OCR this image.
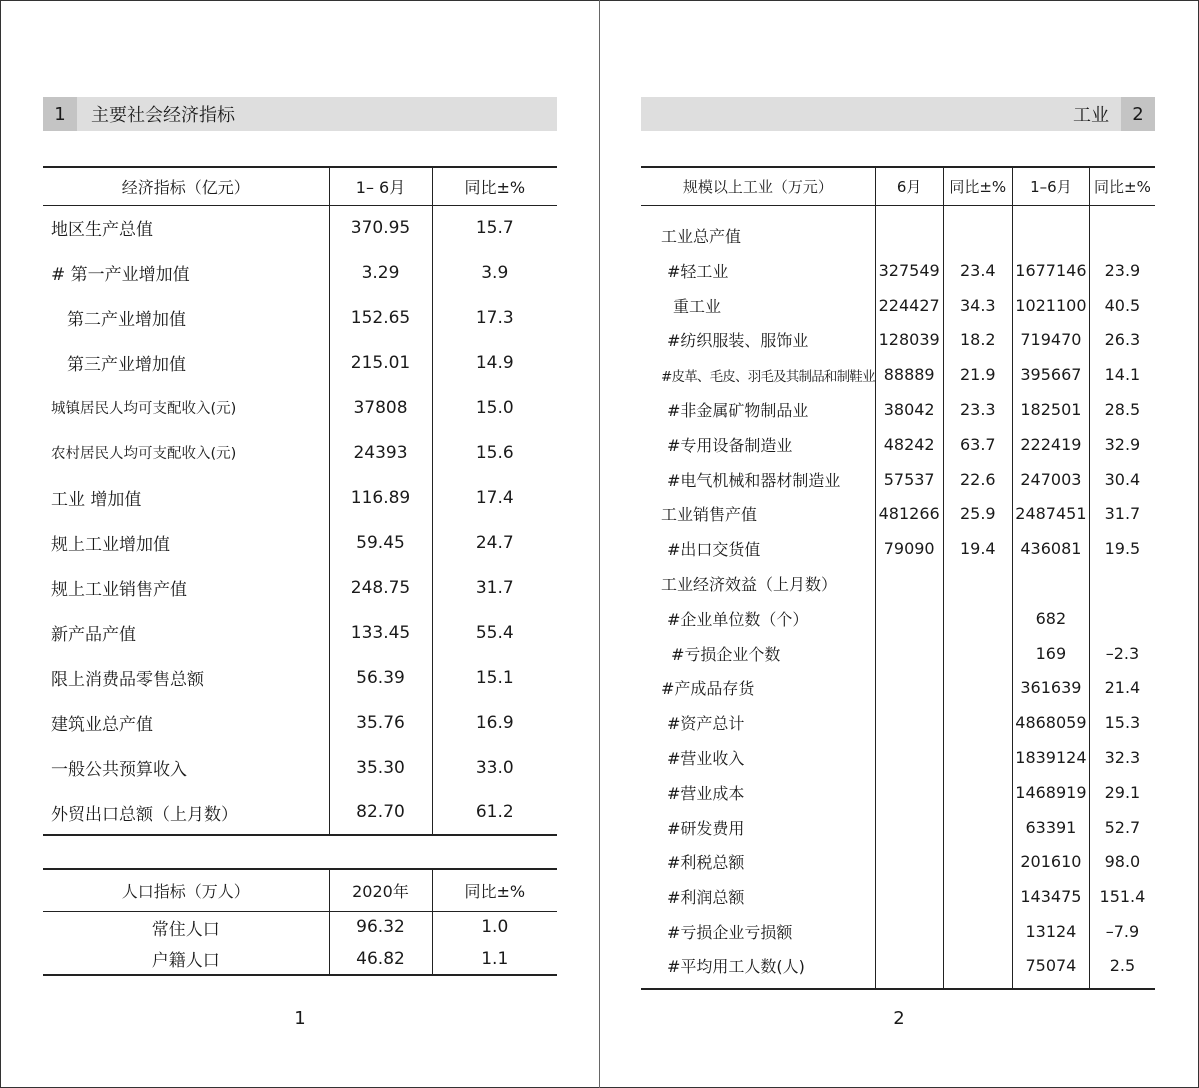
1	主要社会经济指标
经济指标（亿元）	1– 6月	同比±%
地区生产总值	370.95	15.7
# 第一产业增加值	3.29	3.9
第二产业增加值	152.65	17.3
第三产业增加值	215.01	14.9
城镇居民人均可支配收入(元)	37808	15.0
农村居民人均可支配收入(元)	24393	15.6
工业 增加值	116.89	17.4
规上工业增加值	59.45	24.7
规上工业销售产值	248.75	31.7
新产品产值	133.45	55.4
限上消费品零售总额	56.39	15.1
建筑业总产值	35.76	16.9
一般公共预算收入	35.30	33.0
外贸出口总额（上月数）	82.70	61.2
人口指标（万人）	2020年	同比±%
常住人口	96.32	1.0
户籍人口	46.82	1.1
1
工业	2
规模以上工业（万元）	6月	同比±%	1–6月	同比±%
工业总产值				
#轻工业	327549	23.4	1677146	23.9
重工业	224427	34.3	1021100	40.5
#纺织服装、服饰业	128039	18.2	719470	26.3
#皮革、毛皮、羽毛及其制品和制鞋业	88889	21.9	395667	14.1
#非金属矿物制品业	38042	23.3	182501	28.5
#专用设备制造业	48242	63.7	222419	32.9
#电气机械和器材制造业	57537	22.6	247003	30.4
工业销售产值	481266	25.9	2487451	31.7
#出口交货值	79090	19.4	436081	19.5
工业经济效益（上月数）				
#企业单位数（个）			682	
#亏损企业个数			169	–2.3
#产成品存货			361639	21.4
#资产总计			4868059	15.3
#营业收入			1839124	32.3
#营业成本			1468919	29.1
#研发费用			63391	52.7
#利税总额			201610	98.0
#利润总额			143475	151.4
#亏损企业亏损额			13124	–7.9
#平均用工人数(人)			75074	2.5
2
